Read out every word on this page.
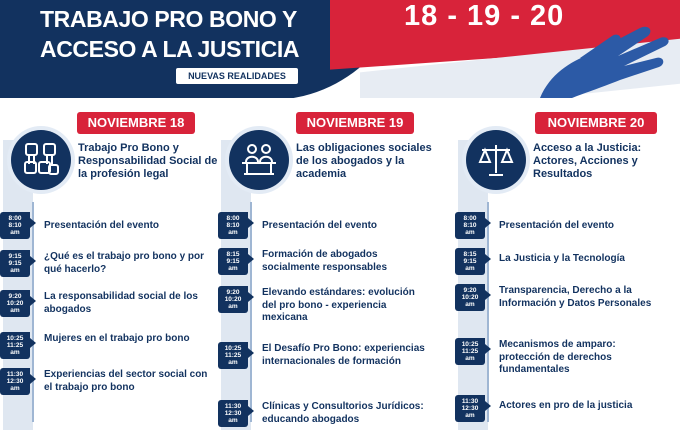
TRABAJO PRO BONO Y
ACCESO A LA JUSTICIA
NUEVAS REALIDADES
18 - 19 - 20
NOVIEMBRE 18
Trabajo Pro Bono y Responsabilidad Social de la profesión legal
8:00
8:10
am
Presentación del evento
9:15
9:15
am
¿Qué es el trabajo pro bono y por qué hacerlo?
9:20
10:20
am
La responsabilidad social de los abogados
10:25
11:25
am
Mujeres en el trabajo pro bono
11:30
12:30
am
Experiencias del sector social con el trabajo pro bono
NOVIEMBRE 19
Las obligaciones sociales de los abogados y la academia
8:00
8:10
am
Presentación del evento
8:15
9:15
am
Formación de abogados socialmente responsables
9:20
10:20
am
Elevando estándares: evolución del pro bono - experiencia mexicana
10:25
11:25
am
El Desafío Pro Bono: experiencias internacionales de formación
11:30
12:30
am
Clínicas y Consultorios Jurídicos: educando abogados
NOVIEMBRE 20
Acceso a la Justicia: Actores, Acciones y Resultados
8:00
8:10
am
Presentación del evento
8:15
9:15
am
La Justicia y la Tecnología
9:20
10:20
am
Transparencia, Derecho a la Información y Datos Personales
10:25
11:25
am
Mecanismos de amparo: protección de derechos fundamentales
11:30
12:30
am
Actores en pro de la justicia
